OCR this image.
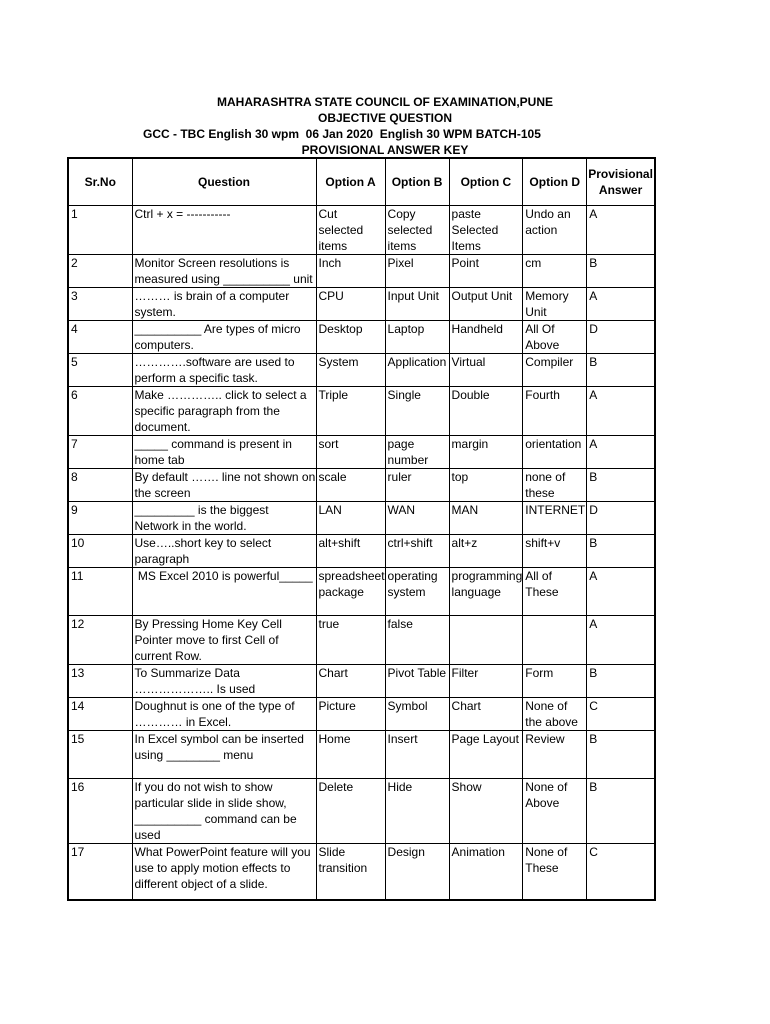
MAHARASHTRA STATE COUNCIL OF EXAMINATION,PUNE
OBJECTIVE QUESTION
GCC - TBC English 30 wpm  06 Jan 2020  English 30 WPM BATCH-105
PROVISIONAL ANSWER KEY
Sr.No	Question	Option A	Option B	Option C	Option D	Provisional Answer
1	Ctrl + x = -----------	Cut selected items	Copy selected items	paste Selected Items	Undo an action	A
2	Monitor Screen resolutions is measured using __________ unit	Inch	Pixel	Point	cm	B
3	……… is brain of a computer system.	CPU	Input Unit	Output Unit	Memory Unit	A
4	__________ Are types of micro computers.	Desktop	Laptop	Handheld	All Of Above	D
5	………….software are used to perform a specific task.	System	Application	Virtual	Compiler	B
6	Make ………….. click to select a specific paragraph from the document.	Triple	Single	Double	Fourth	A
7	_____ command is present in home tab	sort	page number	margin	orientation	A
8	By default ……. line not shown on the screen	scale	ruler	top	none of these	B
9	_________ is the biggest Network in the world.	LAN	WAN	MAN	INTERNET	D
10	Use…..short key to select paragraph	alt+shift	ctrl+shift	alt+z	shift+v	B
11	MS Excel 2010 is powerful_____	spreadsheet package	operating system	programming language	All of These	A
12	By Pressing Home Key Cell Pointer move to first Cell of current Row.	true	false			A
13	To Summarize Data ……………….. Is used	Chart	Pivot Table	Filter	Form	B
14	Doughnut is one of the type of ………… in Excel.	Picture	Symbol	Chart	None of the above	C
15	In Excel symbol can be inserted using ________ menu	Home	Insert	Page Layout	Review	B
16	If you do not wish to show particular slide in slide show, __________ command can be used	Delete	Hide	Show	None of Above	B
17	What PowerPoint feature will you use to apply motion effects to different object of a slide.	Slide transition	Design	Animation	None of These	C
